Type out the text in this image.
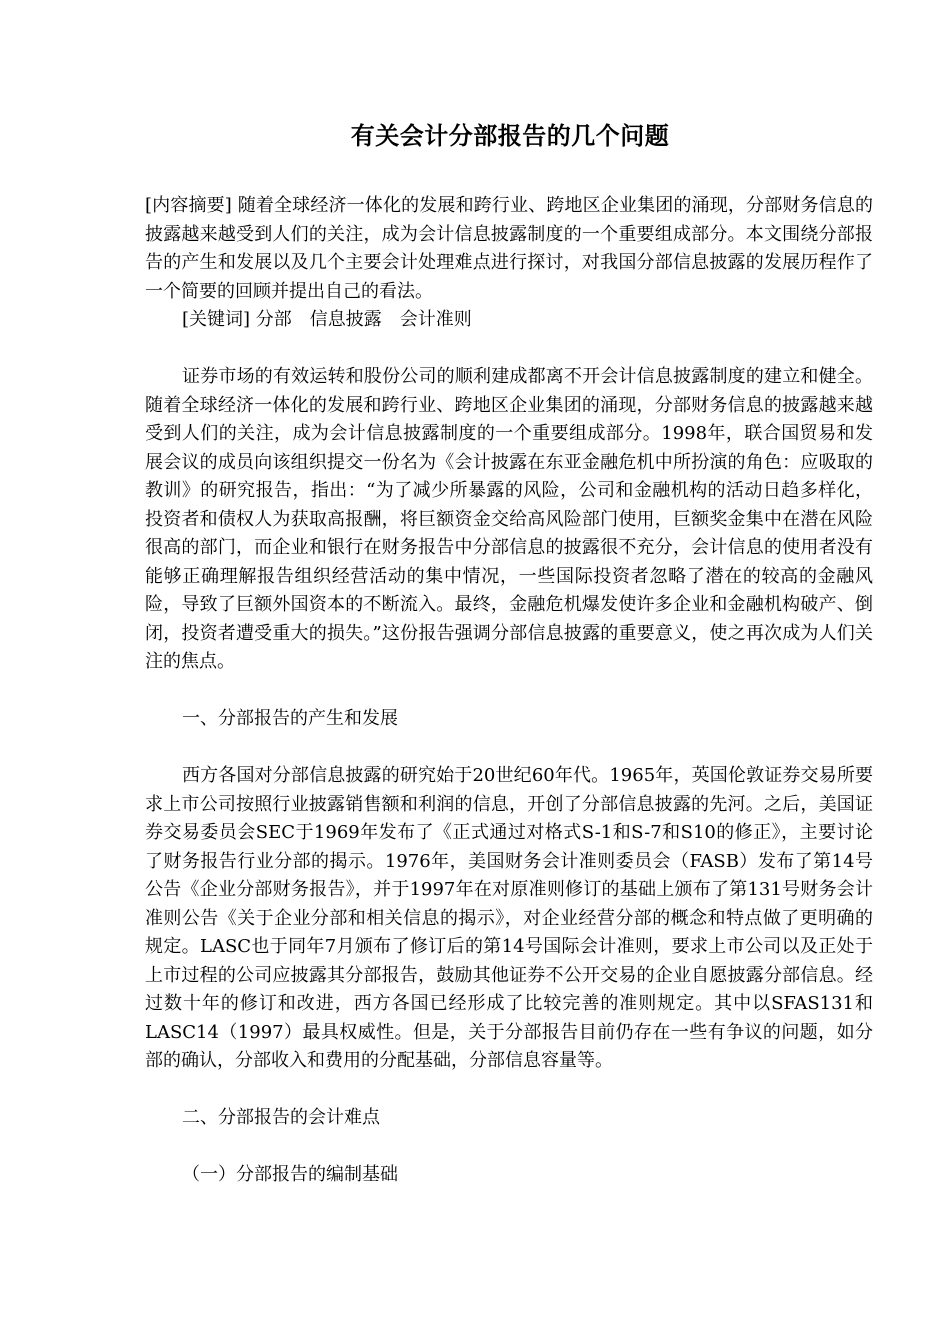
有关会计分部报告的几个问题

[内容摘要] 随着全球经济一体化的发展和跨行业、跨地区企业集团的涌现，分部财务信息的披露越来越受到人们的关注，成为会计信息披露制度的一个重要组成部分。本文围绕分部报告的产生和发展以及几个主要会计处理难点进行探讨，对我国分部信息披露的发展历程作了一个简要的回顾并提出自己的看法。

[关键词] 分部　信息披露　会计准则

证券市场的有效运转和股份公司的顺利建成都离不开会计信息披露制度的建立和健全。随着全球经济一体化的发展和跨行业、跨地区企业集团的涌现，分部财务信息的披露越来越受到人们的关注，成为会计信息披露制度的一个重要组成部分。1998年，联合国贸易和发展会议的成员向该组织提交一份名为《会计披露在东亚金融危机中所扮演的角色：应吸取的教训》的研究报告，指出：“为了减少所暴露的风险，公司和金融机构的活动日趋多样化，投资者和债权人为获取高报酬，将巨额资金交给高风险部门使用，巨额奖金集中在潜在风险很高的部门，而企业和银行在财务报告中分部信息的披露很不充分，会计信息的使用者没有能够正确理解报告组织经营活动的集中情况，一些国际投资者忽略了潜在的较高的金融风险，导致了巨额外国资本的不断流入。最终，金融危机爆发使许多企业和金融机构破产、倒闭，投资者遭受重大的损失。”这份报告强调分部信息披露的重要意义，使之再次成为人们关注的焦点。

一、分部报告的产生和发展

西方各国对分部信息披露的研究始于20世纪60年代。1965年，英国伦敦证券交易所要求上市公司按照行业披露销售额和利润的信息，开创了分部信息披露的先河。之后，美国证券交易委员会SEC于1969年发布了《正式通过对格式S-1和S-7和S10的修正》，主要讨论了财务报告行业分部的揭示。1976年，美国财务会计准则委员会（FASB）发布了第14号公告《企业分部财务报告》，并于1997年在对原准则修订的基础上颁布了第131号财务会计准则公告《关于企业分部和相关信息的揭示》，对企业经营分部的概念和特点做了更明确的规定。LASC也于同年7月颁布了修订后的第14号国际会计准则，要求上市公司以及正处于上市过程的公司应披露其分部报告，鼓励其他证券不公开交易的企业自愿披露分部信息。经过数十年的修订和改进，西方各国已经形成了比较完善的准则规定。其中以SFAS131和LASC14（1997）最具权威性。但是，关于分部报告目前仍存在一些有争议的问题，如分部的确认，分部收入和费用的分配基础，分部信息容量等。

二、分部报告的会计难点

（一）分部报告的编制基础
